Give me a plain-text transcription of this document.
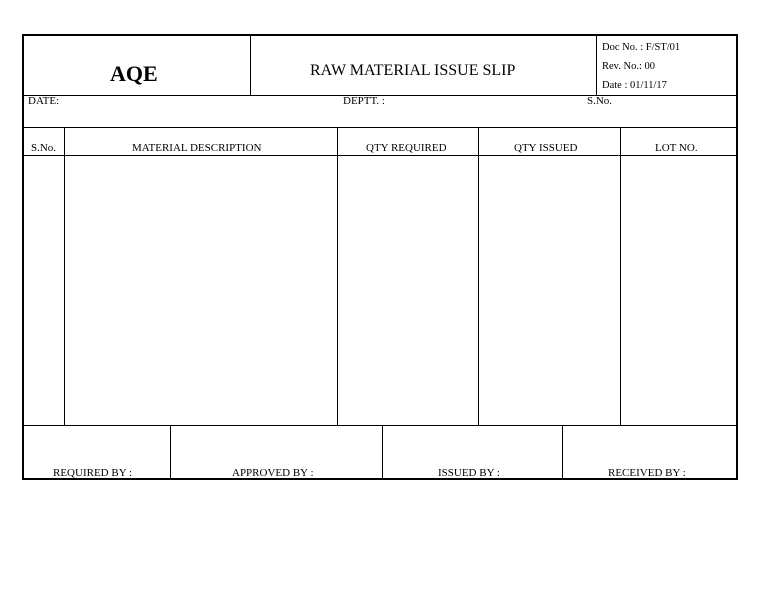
AQE	RAW MATERIAL ISSUE SLIP
Doc No. : F/ST/01
Rev. No.: 00
Date : 01/11/17
DATE:	DEPTT. :	S.No.
S.No.	MATERIAL DESCRIPTION	QTY REQUIRED	QTY ISSUED	LOT NO.
REQUIRED BY :	APPROVED BY :	ISSUED BY :	RECEIVED BY :
